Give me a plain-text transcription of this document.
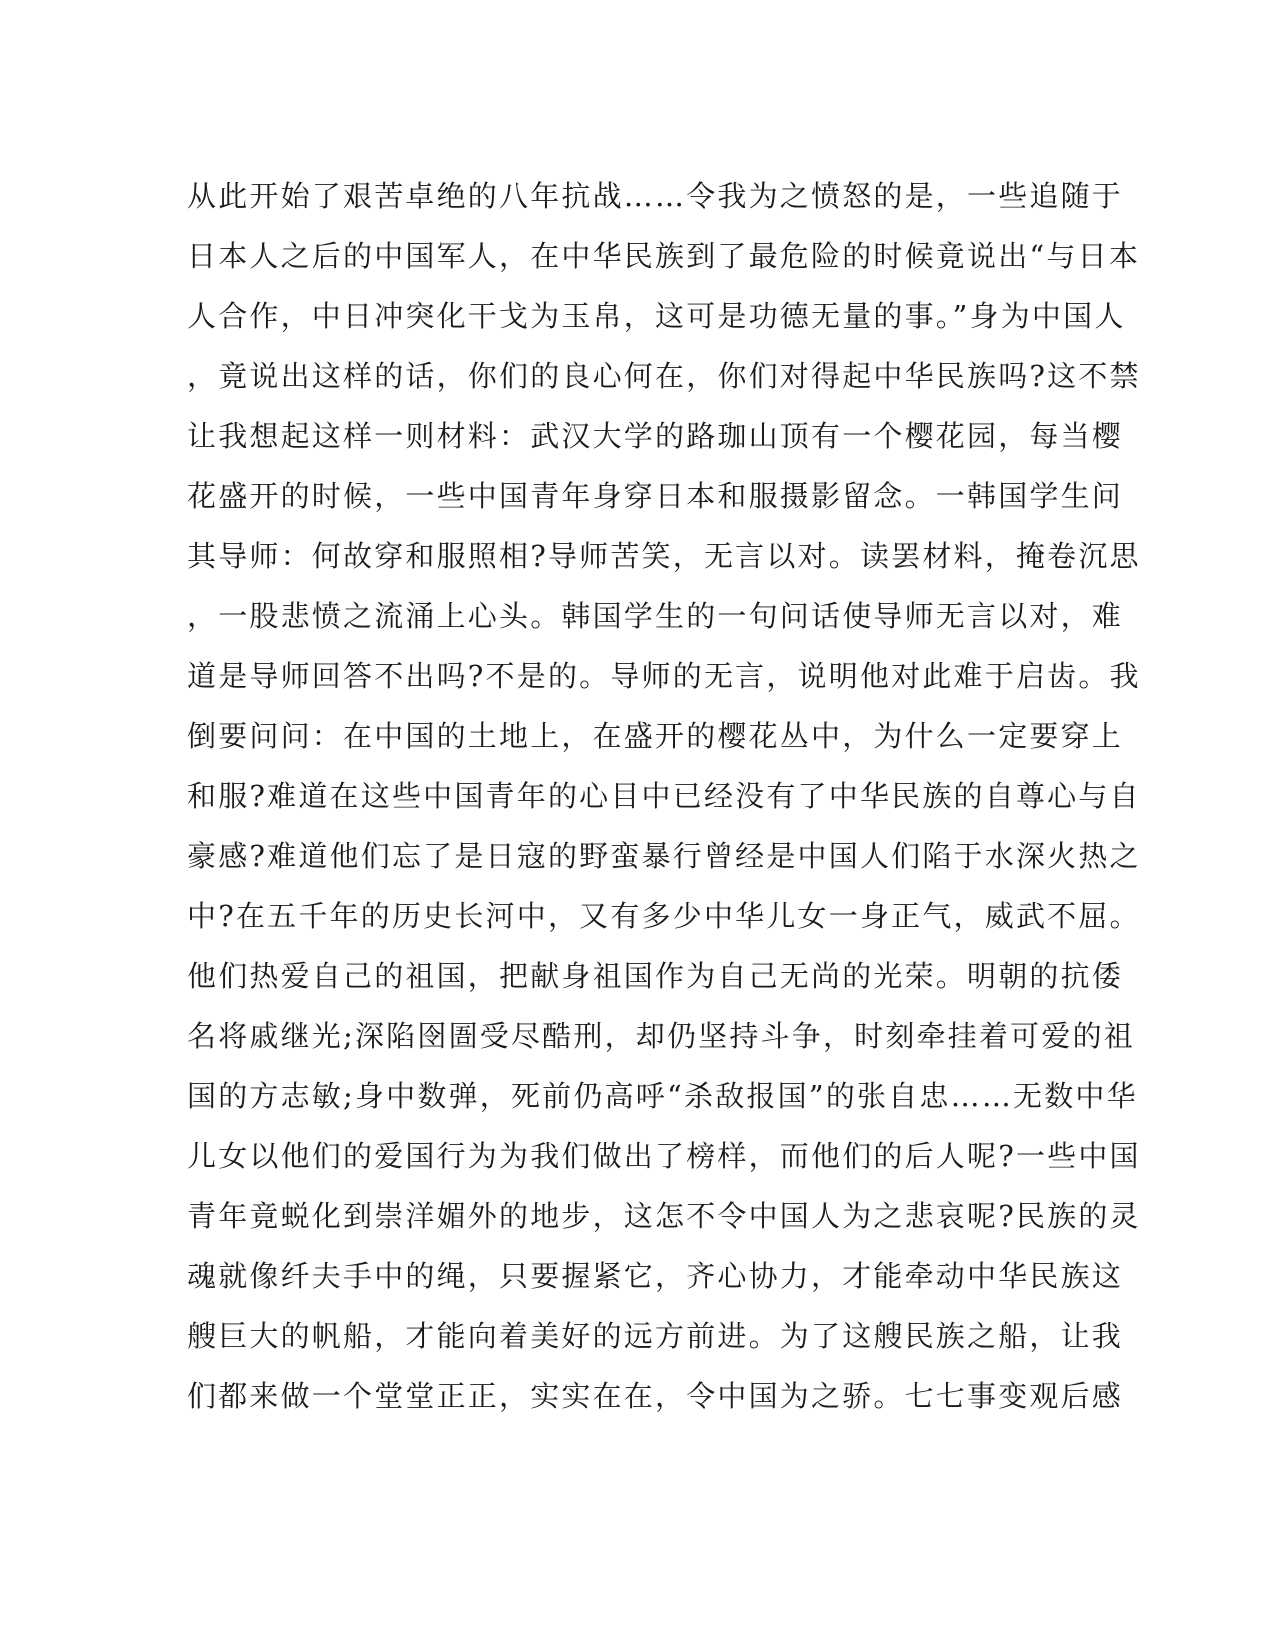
从此开始了艰苦卓绝的八年抗战……令我为之愤怒的是，一些追随于
日本人之后的中国军人，在中华民族到了最危险的时候竟说出“与日本
人合作，中日冲突化干戈为玉帛，这可是功德无量的事。”身为中国人
，竟说出这样的话，你们的良心何在，你们对得起中华民族吗?这不禁
让我想起这样一则材料：武汉大学的路珈山顶有一个樱花园，每当樱
花盛开的时候，一些中国青年身穿日本和服摄影留念。一韩国学生问
其导师：何故穿和服照相?导师苦笑，无言以对。读罢材料，掩卷沉思
，一股悲愤之流涌上心头。韩国学生的一句问话使导师无言以对，难
道是导师回答不出吗?不是的。导师的无言，说明他对此难于启齿。我
倒要问问：在中国的土地上，在盛开的樱花丛中，为什么一定要穿上
和服?难道在这些中国青年的心目中已经没有了中华民族的自尊心与自
豪感?难道他们忘了是日寇的野蛮暴行曾经是中国人们陷于水深火热之
中?在五千年的历史长河中，又有多少中华儿女一身正气，威武不屈。
他们热爱自己的祖国，把献身祖国作为自己无尚的光荣。明朝的抗倭
名将戚继光;深陷囹圄受尽酷刑，却仍坚持斗争，时刻牵挂着可爱的祖
国的方志敏;身中数弹，死前仍高呼“杀敌报国”的张自忠……无数中华
儿女以他们的爱国行为为我们做出了榜样，而他们的后人呢?一些中国
青年竟蜕化到崇洋媚外的地步，这怎不令中国人为之悲哀呢?民族的灵
魂就像纤夫手中的绳，只要握紧它，齐心协力，才能牵动中华民族这
艘巨大的帆船，才能向着美好的远方前进。为了这艘民族之船，让我
们都来做一个堂堂正正，实实在在，令中国为之骄。七七事变观后感
